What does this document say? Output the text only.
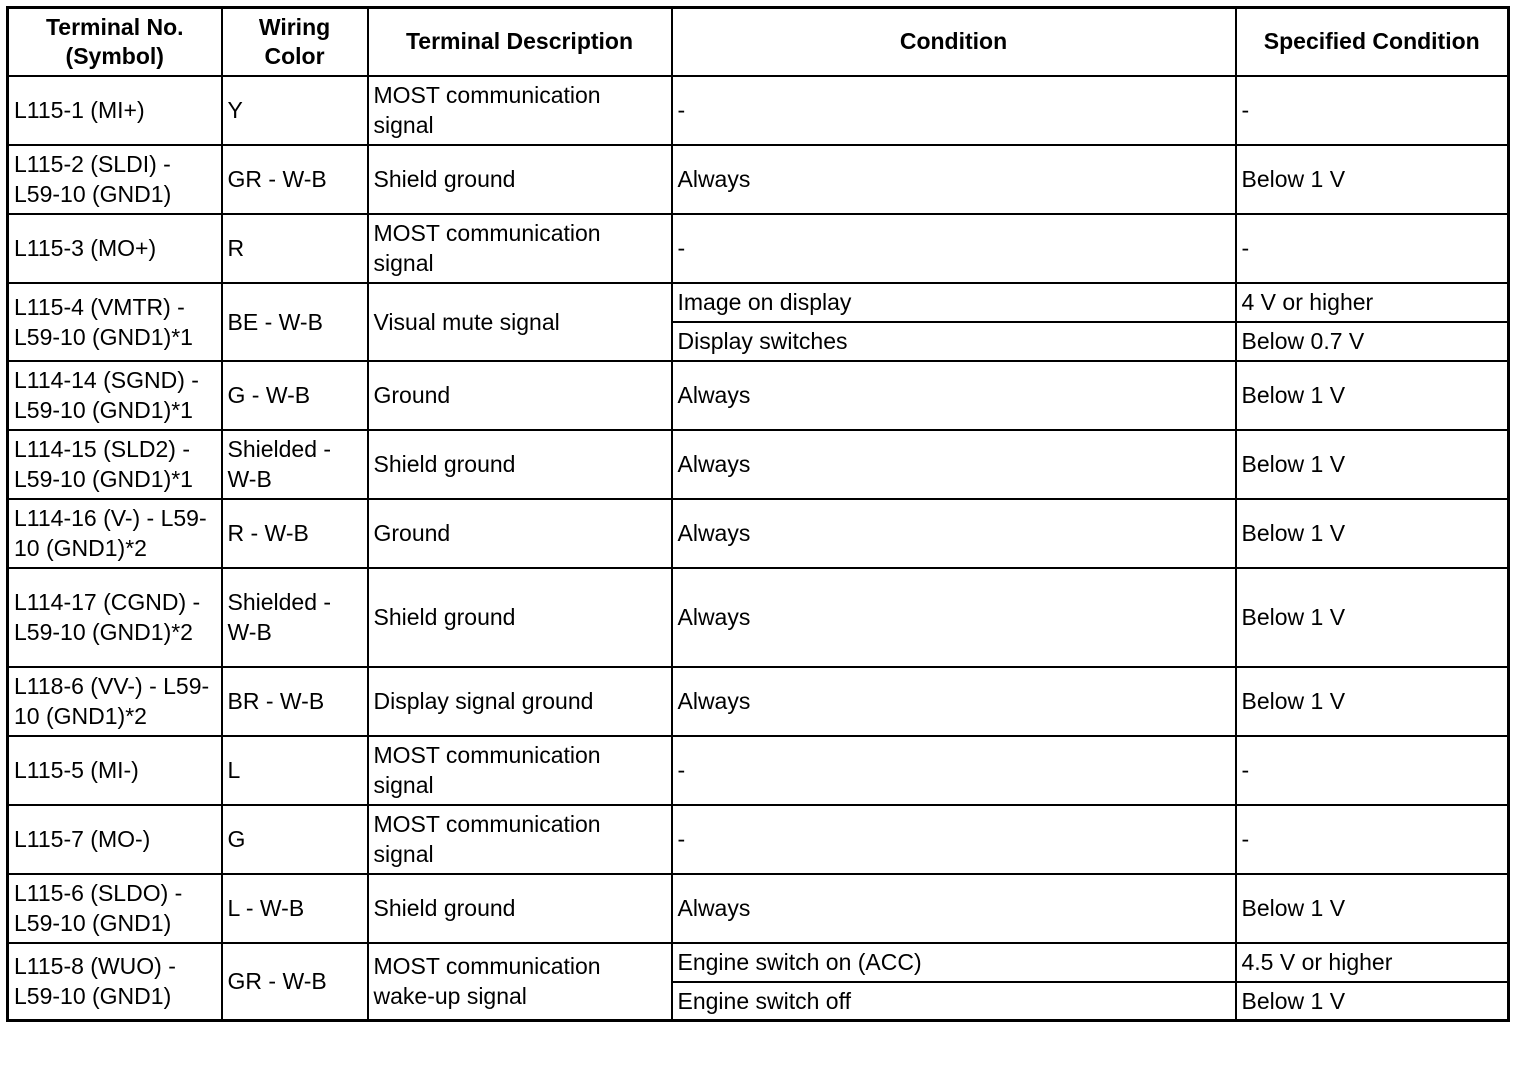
Terminal No. (Symbol)	Wiring Color	Terminal Description	Condition	Specified Condition
L115-1 (MI+)	Y	MOST communication signal	-	-
L115-2 (SLDI) - L59-10 (GND1)	GR - W-B	Shield ground	Always	Below 1 V
L115-3 (MO+)	R	MOST communication signal	-	-
L115-4 (VMTR) - L59-10 (GND1)*1	BE - W-B	Visual mute signal	Image on display	4 V or higher
			Display switches	Below 0.7 V
L114-14 (SGND) - L59-10 (GND1)*1	G - W-B	Ground	Always	Below 1 V
L114-15 (SLD2) - L59-10 (GND1)*1	Shielded - W-B	Shield ground	Always	Below 1 V
L114-16 (V-) - L59-10 (GND1)*2	R - W-B	Ground	Always	Below 1 V
L114-17 (CGND) - L59-10 (GND1)*2	Shielded - W-B	Shield ground	Always	Below 1 V
L118-6 (VV-) - L59-10 (GND1)*2	BR - W-B	Display signal ground	Always	Below 1 V
L115-5 (MI-)	L	MOST communication signal	-	-
L115-7 (MO-)	G	MOST communication signal	-	-
L115-6 (SLDO) - L59-10 (GND1)	L - W-B	Shield ground	Always	Below 1 V
L115-8 (WUO) - L59-10 (GND1)	GR - W-B	MOST communication wake-up signal	Engine switch on (ACC)	4.5 V or higher
			Engine switch off	Below 1 V
